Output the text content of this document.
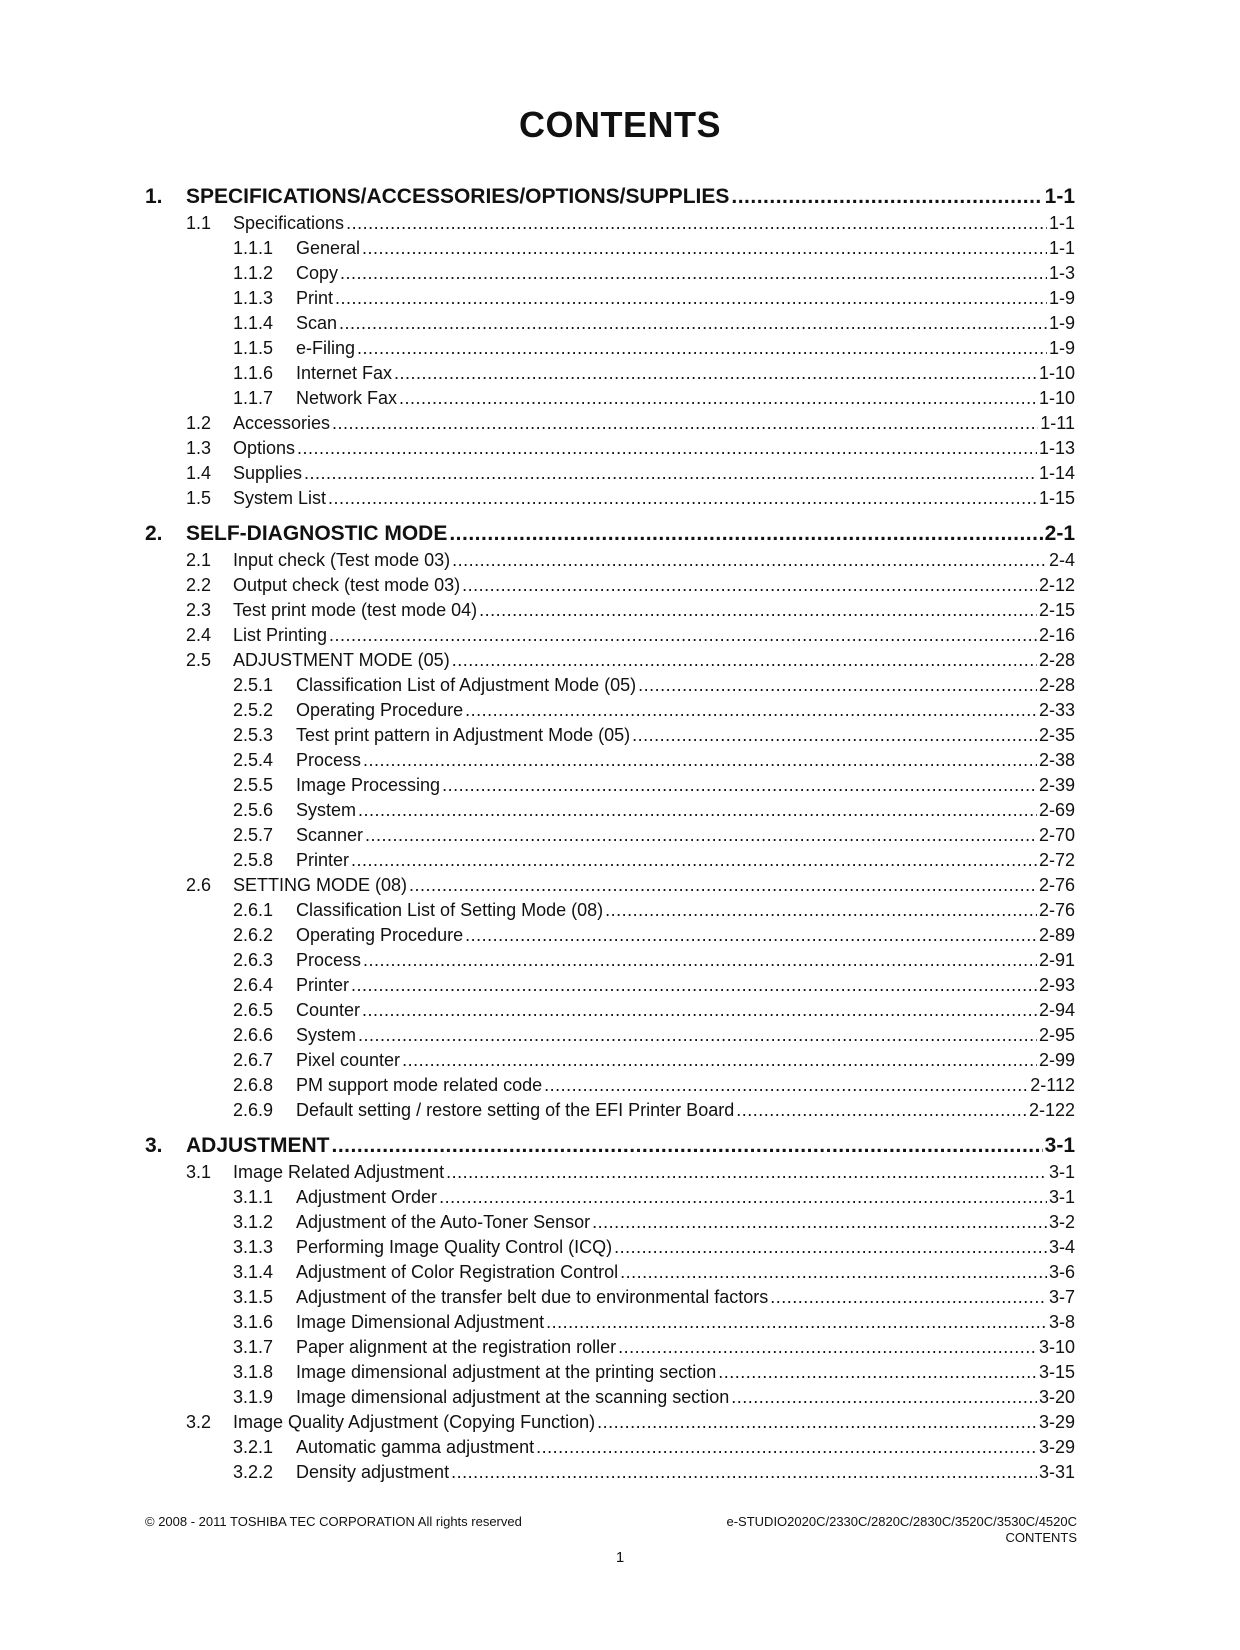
CONTENTS
1.	SPECIFICATIONS/ACCESSORIES/OPTIONS/SUPPLIES .....	1-1
1.1	Specifications .....	1-1
1.1.1	General .....	1-1
1.1.2	Copy .....	1-3
1.1.3	Print .....	1-9
1.1.4	Scan .....	1-9
1.1.5	e-Filing .....	1-9
1.1.6	Internet Fax .....	1-10
1.1.7	Network Fax .....	1-10
1.2	Accessories .....	1-11
1.3	Options .....	1-13
1.4	Supplies .....	1-14
1.5	System List .....	1-15
2.	SELF-DIAGNOSTIC MODE .....	2-1
2.1	Input check (Test mode 03) .....	2-4
2.2	Output check (test mode 03) .....	2-12
2.3	Test print mode (test mode 04) .....	2-15
2.4	List Printing .....	2-16
2.5	ADJUSTMENT MODE (05) .....	2-28
2.5.1	Classification List of Adjustment Mode (05) .....	2-28
2.5.2	Operating Procedure .....	2-33
2.5.3	Test print pattern in Adjustment Mode (05) .....	2-35
2.5.4	Process .....	2-38
2.5.5	Image Processing .....	2-39
2.5.6	System .....	2-69
2.5.7	Scanner .....	2-70
2.5.8	Printer .....	2-72
2.6	SETTING MODE (08) .....	2-76
2.6.1	Classification List of Setting Mode (08) .....	2-76
2.6.2	Operating Procedure .....	2-89
2.6.3	Process .....	2-91
2.6.4	Printer .....	2-93
2.6.5	Counter .....	2-94
2.6.6	System .....	2-95
2.6.7	Pixel counter .....	2-99
2.6.8	PM support mode related code .....	2-112
2.6.9	Default setting / restore setting of the EFI Printer Board .....	2-122
3.	ADJUSTMENT .....	3-1
3.1	Image Related Adjustment .....	3-1
3.1.1	Adjustment Order .....	3-1
3.1.2	Adjustment of the Auto-Toner Sensor .....	3-2
3.1.3	Performing Image Quality Control (ICQ) .....	3-4
3.1.4	Adjustment of Color Registration Control .....	3-6
3.1.5	Adjustment of the transfer belt due to environmental factors .....	3-7
3.1.6	Image Dimensional Adjustment .....	3-8
3.1.7	Paper alignment at the registration roller .....	3-10
3.1.8	Image dimensional adjustment at the printing section .....	3-15
3.1.9	Image dimensional adjustment at the scanning section .....	3-20
3.2	Image Quality Adjustment (Copying Function) .....	3-29
3.2.1	Automatic gamma adjustment .....	3-29
3.2.2	Density adjustment .....	3-31
© 2008 - 2011 TOSHIBA TEC CORPORATION All rights reserved	e-STUDIO2020C/2330C/2820C/2830C/3520C/3530C/4520C
CONTENTS
1
